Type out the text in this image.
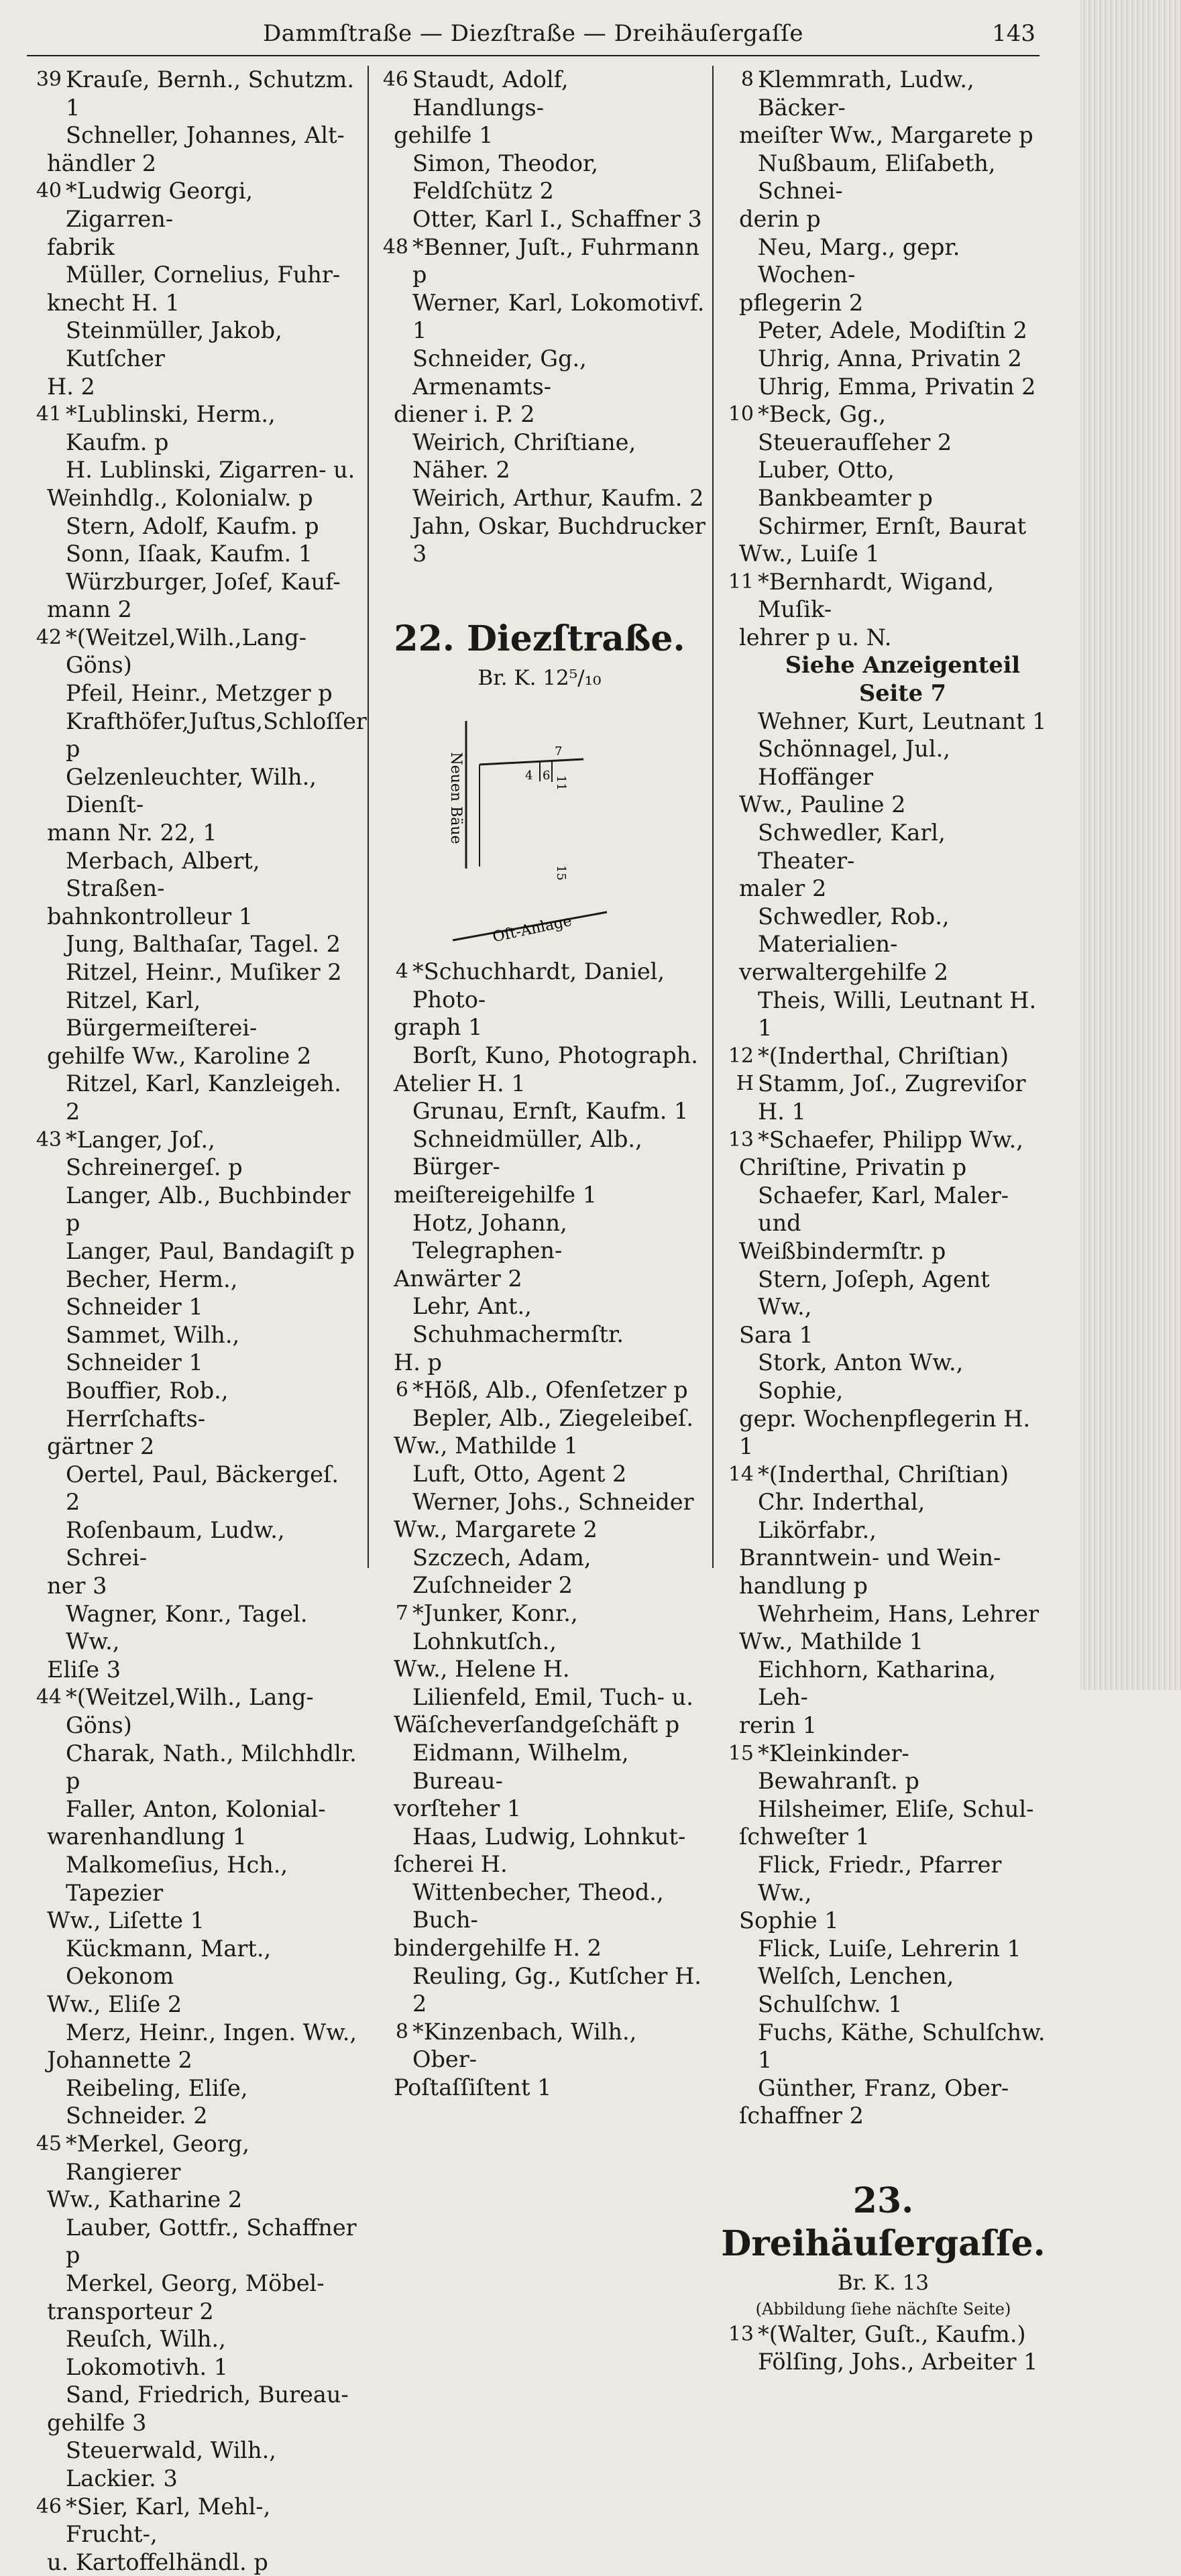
Dammſtraße — Diezſtraße — Dreihäuſergaſſe	143
39 Krauſe, Bernh., Schutzm. 1
Schneller, Johannes, Alt-
händler 2
40 *Ludwig Georgi, Zigarren-
fabrik
Müller, Cornelius, Fuhr-
knecht H. 1
Steinmüller, Jakob, Kutſcher
H. 2
41 *Lublinski, Herm., Kaufm. p
H. Lublinski, Zigarren- u.
Weinhdlg., Kolonialw. p
Stern, Adolf, Kaufm. p
Sonn, Iſaak, Kaufm. 1
Würzburger, Joſef, Kauf-
mann 2
42 *(Weitzel,Wilh.,Lang-Göns)
Pfeil, Heinr., Metzger p
Krafthöfer,Juſtus,Schloſſer p
Gelzenleuchter, Wilh., Dienſt-
mann Nr. 22, 1
Merbach, Albert, Straßen-
bahnkontrolleur 1
Jung, Balthaſar, Tagel. 2
Ritzel, Heinr., Muſiker 2
Ritzel, Karl, Bürgermeiſterei-
gehilfe Ww., Karoline 2
Ritzel, Karl, Kanzleigeh. 2
43 *Langer, Joſ., Schreinergeſ. p
Langer, Alb., Buchbinder p
Langer, Paul, Bandagiſt p
Becher, Herm., Schneider 1
Sammet, Wilh., Schneider 1
Bouffier, Rob., Herrſchafts-
gärtner 2
Oertel, Paul, Bäckergeſ. 2
Roſenbaum, Ludw., Schrei-
ner 3
Wagner, Konr., Tagel. Ww.,
Eliſe 3
44 *(Weitzel,Wilh., Lang-Göns)
Charak, Nath., Milchhdlr. p
Faller, Anton, Kolonial-
warenhandlung 1
Malkomeſius, Hch., Tapezier
Ww., Liſette 1
Kückmann, Mart., Oekonom
Ww., Eliſe 2
Merz, Heinr., Ingen. Ww.,
Johannette 2
Reibeling, Eliſe, Schneider. 2
45 *Merkel, Georg, Rangierer
Ww., Katharine 2
Lauber, Gottfr., Schaffner p
Merkel, Georg, Möbel-
transporteur 2
Reuſch, Wilh., Lokomotivh. 1
Sand, Friedrich, Bureau-
gehilfe 3
Steuerwald, Wilh., Lackier. 3
46 *Sier, Karl, Mehl-, Frucht-,
u. Kartoffelhändl. p
46 Staudt, Adolf, Handlungs-
gehilfe 1
Simon, Theodor, Feldſchütz 2
Otter, Karl I., Schaffner 3
48 *Benner, Juſt., Fuhrmann p
Werner, Karl, Lokomotivf. 1
Schneider, Gg., Armenamts-
diener i. P. 2
Weirich, Chriſtiane, Näher. 2
Weirich, Arthur, Kaufm. 2
Jahn, Oskar, Buchdrucker 3
22. Diezſtraße.
Br. K. 12⁵/₁₀
Neuen Bäue
Oſt-Anlage
4 6
7
11
15
4 *Schuchhardt, Daniel, Photo-
graph 1
Borſt, Kuno, Photograph.
Atelier H. 1
Grunau, Ernſt, Kaufm. 1
Schneidmüller, Alb., Bürger-
meiſtereigehilfe 1
Hotz, Johann, Telegraphen-
Anwärter 2
Lehr, Ant., Schuhmachermſtr.
H. p
6 *Höß, Alb., Ofenſetzer p
Bepler, Alb., Ziegeleibeſ.
Ww., Mathilde 1
Luft, Otto, Agent 2
Werner, Johs., Schneider
Ww., Margarete 2
Szczech, Adam, Zuſchneider 2
7 *Junker, Konr., Lohnkutſch.,
Ww., Helene H.
Lilienfeld, Emil, Tuch- u.
Wäſcheverſandgeſchäft p
Eidmann, Wilhelm, Bureau-
vorſteher 1
Haas, Ludwig, Lohnkut-
ſcherei H.
Wittenbecher, Theod., Buch-
bindergehilfe H. 2
Reuling, Gg., Kutſcher H. 2
8 *Kinzenbach, Wilh., Ober-
Poſtaſſiſtent 1
8 Klemmrath, Ludw., Bäcker-
meiſter Ww., Margarete p
Nußbaum, Eliſabeth, Schnei-
derin p
Neu, Marg., gepr. Wochen-
pflegerin 2
Peter, Adele, Modiſtin 2
Uhrig, Anna, Privatin 2
Uhrig, Emma, Privatin 2
10 *Beck, Gg., Steueraufſeher 2
Luber, Otto, Bankbeamter p
Schirmer, Ernſt, Baurat
Ww., Luiſe 1
11 *Bernhardt, Wigand, Muſik-
lehrer p u. N.
Siehe Anzeigenteil Seite 7
Wehner, Kurt, Leutnant 1
Schönnagel, Jul., Hoffänger
Ww., Pauline 2
Schwedler, Karl, Theater-
maler 2
Schwedler, Rob., Materialien-
verwaltergehilfe 2
Theis, Willi, Leutnant H. 1
12 H
*(Inderthal, Chriſtian)
Stamm, Joſ., Zugreviſor H. 1
13 *Schaefer, Philipp Ww.,
Chriſtine, Privatin p
Schaefer, Karl, Maler- und
Weißbindermſtr. p
Stern, Joſeph, Agent Ww.,
Sara 1
Stork, Anton Ww., Sophie,
gepr. Wochenpflegerin H. 1
14 *(Inderthal, Chriſtian)
Chr. Inderthal, Likörfabr.,
Branntwein- und Wein-
handlung p
Wehrheim, Hans, Lehrer
Ww., Mathilde 1
Eichhorn, Katharina, Leh-
rerin 1
15 *Kleinkinder-Bewahranſt. p
Hilsheimer, Eliſe, Schul-
ſchweſter 1
Flick, Friedr., Pfarrer Ww.,
Sophie 1
Flick, Luiſe, Lehrerin 1
Welſch, Lenchen, Schulſchw. 1
Fuchs, Käthe, Schulſchw. 1
Günther, Franz, Ober-
ſchaffner 2
23. Dreihäuſergaſſe.
Br. K. 13
(Abbildung ſiehe nächſte Seite)
13 *(Walter, Guſt., Kaufm.)
Fölſing, Johs., Arbeiter 1
